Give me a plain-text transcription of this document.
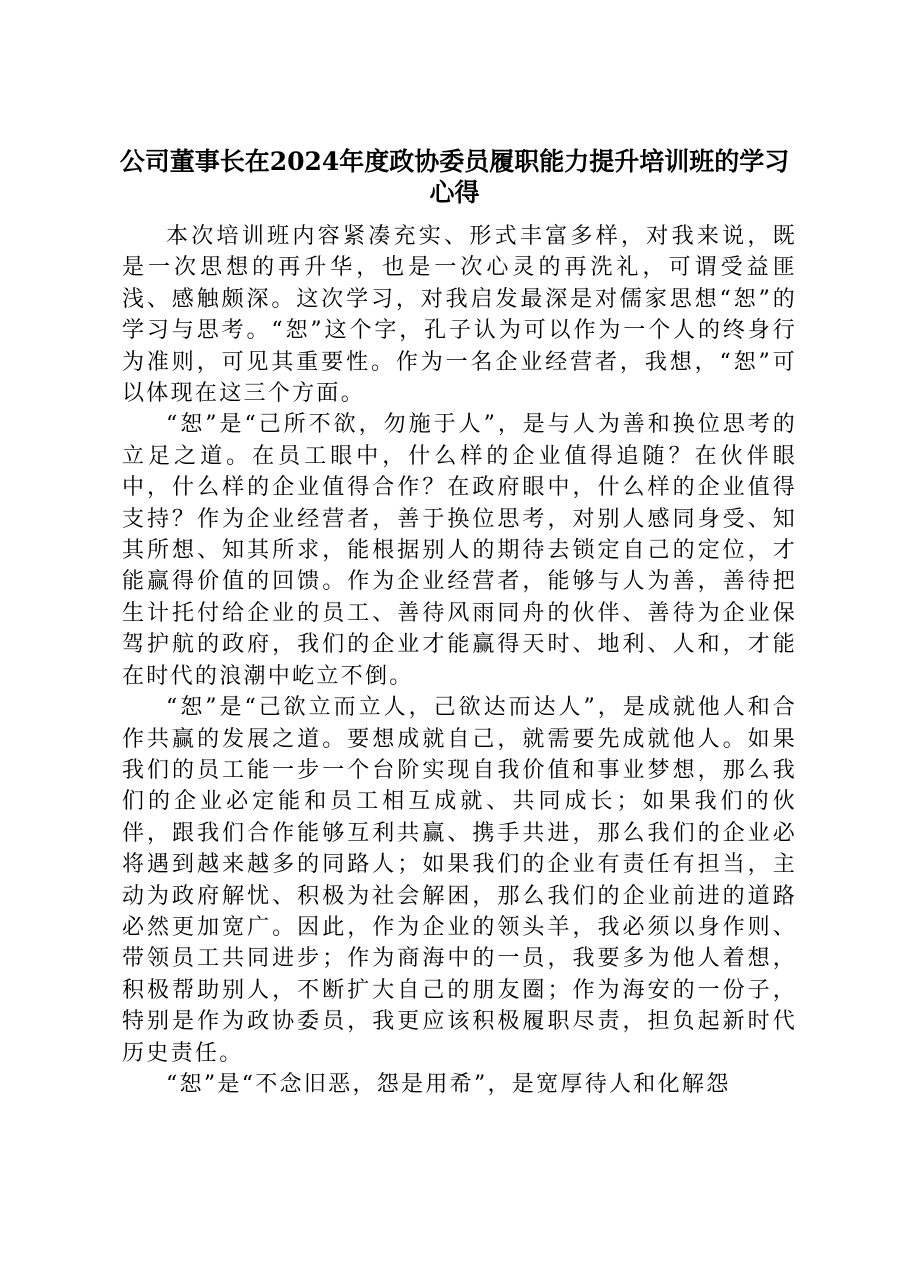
公司董事长在2024年度政协委员履职能力提升培训班的学习心得

本次培训班内容紧凑充实、形式丰富多样，对我来说，既是一次思想的再升华，也是一次心灵的再洗礼，可谓受益匪浅、感触颇深。这次学习，对我启发最深是对儒家思想“恕”的学习与思考。“恕”这个字，孔子认为可以作为一个人的终身行为准则，可见其重要性。作为一名企业经营者，我想，“恕”可以体现在这三个方面。

“恕”是“己所不欲，勿施于人”，是与人为善和换位思考的立足之道。在员工眼中，什么样的企业值得追随？在伙伴眼中，什么样的企业值得合作？在政府眼中，什么样的企业值得支持？作为企业经营者，善于换位思考，对别人感同身受、知其所想、知其所求，能根据别人的期待去锁定自己的定位，才能赢得价值的回馈。作为企业经营者，能够与人为善，善待把生计托付给企业的员工、善待风雨同舟的伙伴、善待为企业保驾护航的政府，我们的企业才能赢得天时、地利、人和，才能在时代的浪潮中屹立不倒。

“恕”是“己欲立而立人，己欲达而达人”，是成就他人和合作共赢的发展之道。要想成就自己，就需要先成就他人。如果我们的员工能一步一个台阶实现自我价值和事业梦想，那么我们的企业必定能和员工相互成就、共同成长；如果我们的伙伴，跟我们合作能够互利共赢、携手共进，那么我们的企业必将遇到越来越多的同路人；如果我们的企业有责任有担当，主动为政府解忧、积极为社会解困，那么我们的企业前进的道路必然更加宽广。因此，作为企业的领头羊，我必须以身作则、带领员工共同进步；作为商海中的一员，我要多为他人着想，积极帮助别人，不断扩大自己的朋友圈；作为海安的一份子，特别是作为政协委员，我更应该积极履职尽责，担负起新时代历史责任。

“恕”是“不念旧恶，怨是用希”，是宽厚待人和化解怨
